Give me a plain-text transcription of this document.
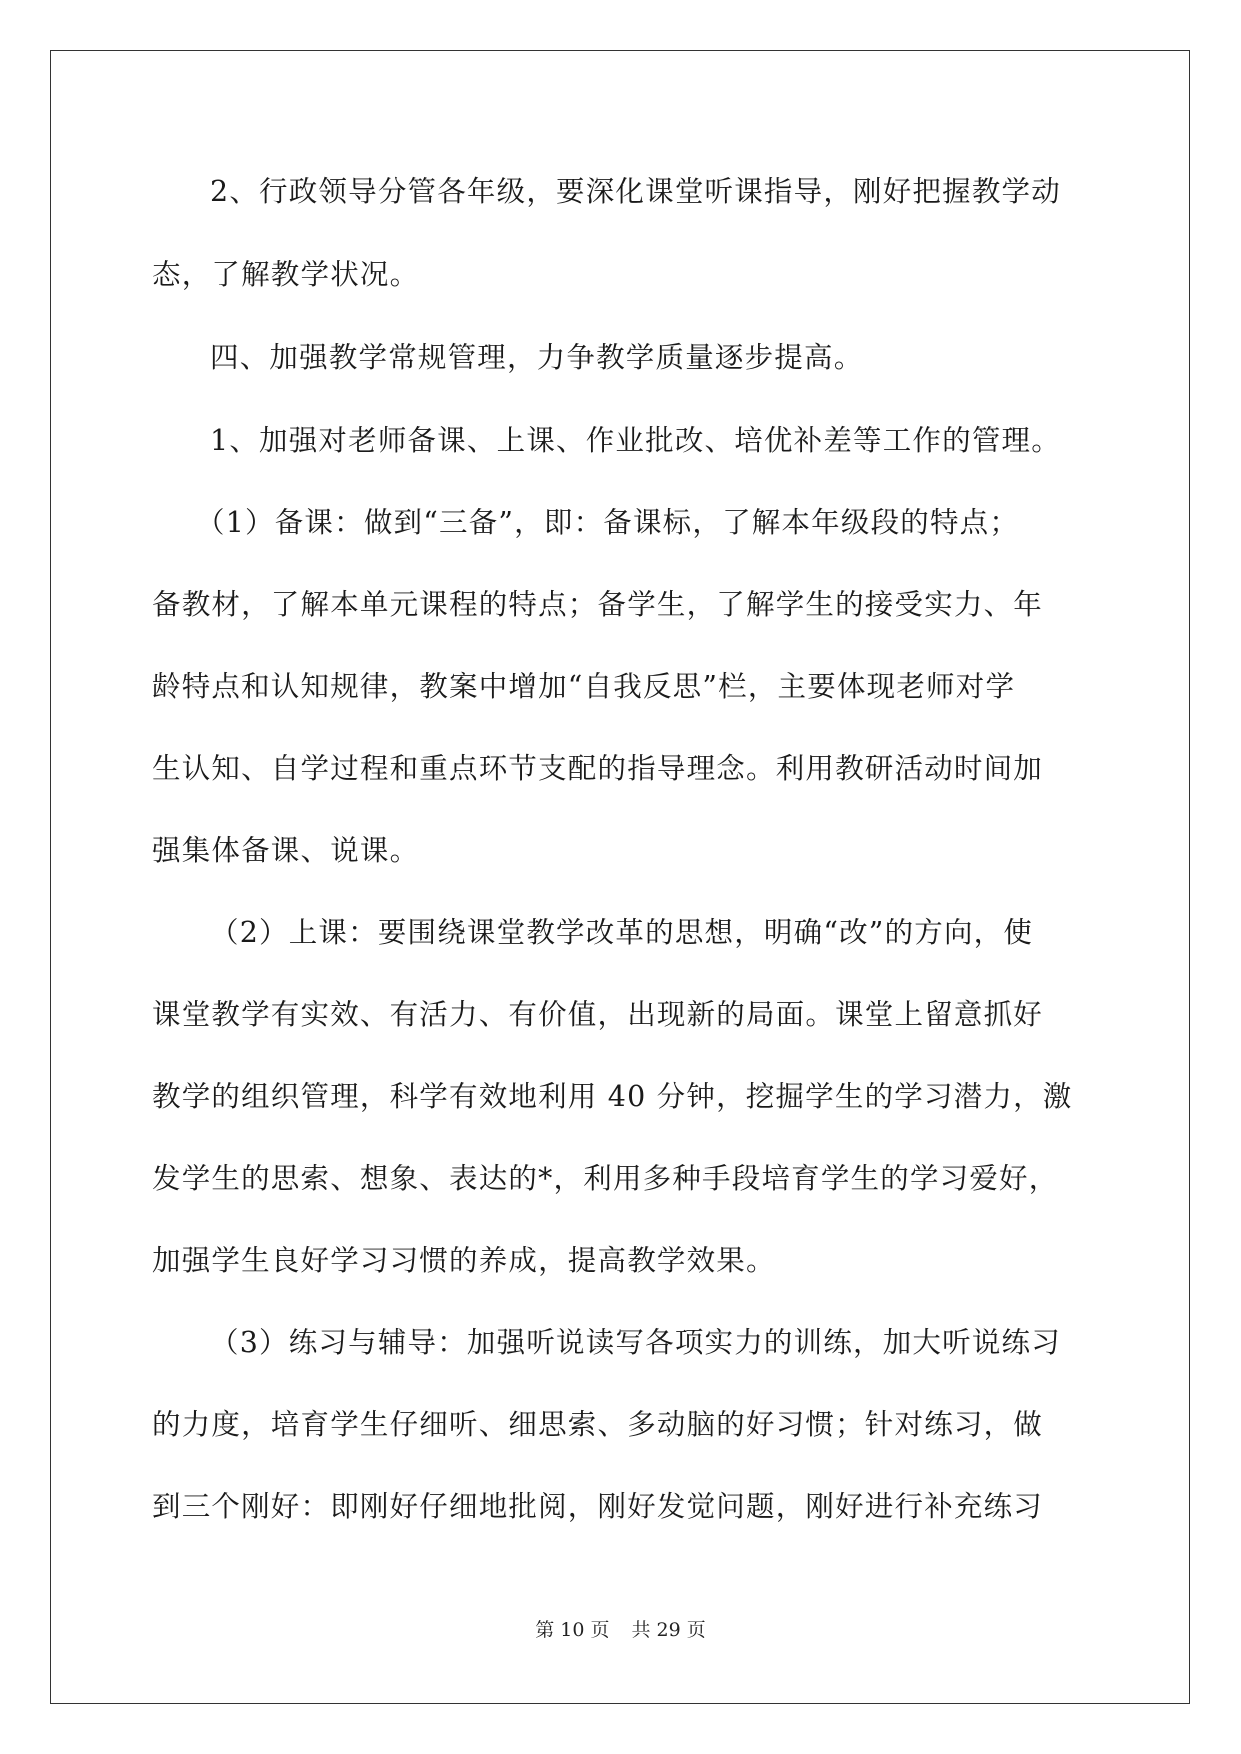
2、行政领导分管各年级，要深化课堂听课指导，刚好把握教学动
态，了解教学状况。
四、加强教学常规管理，力争教学质量逐步提高。
1、加强对老师备课、上课、作业批改、培优补差等工作的管理。
（1）备课：做到“三备”，即：备课标，了解本年级段的特点；
备教材，了解本单元课程的特点；备学生，了解学生的接受实力、年
龄特点和认知规律，教案中增加“自我反思”栏，主要体现老师对学
生认知、自学过程和重点环节支配的指导理念。利用教研活动时间加
强集体备课、说课。
（2）上课：要围绕课堂教学改革的思想，明确“改”的方向，使
课堂教学有实效、有活力、有价值，出现新的局面。课堂上留意抓好
教学的组织管理，科学有效地利用 40 分钟，挖掘学生的学习潜力，激
发学生的思索、想象、表达的*，利用多种手段培育学生的学习爱好，
加强学生良好学习习惯的养成，提高教学效果。
（3）练习与辅导：加强听说读写各项实力的训练，加大听说练习
的力度，培育学生仔细听、细思索、多动脑的好习惯；针对练习，做
到三个刚好：即刚好仔细地批阅，刚好发觉问题，刚好进行补充练习
第 10 页 共 29 页
